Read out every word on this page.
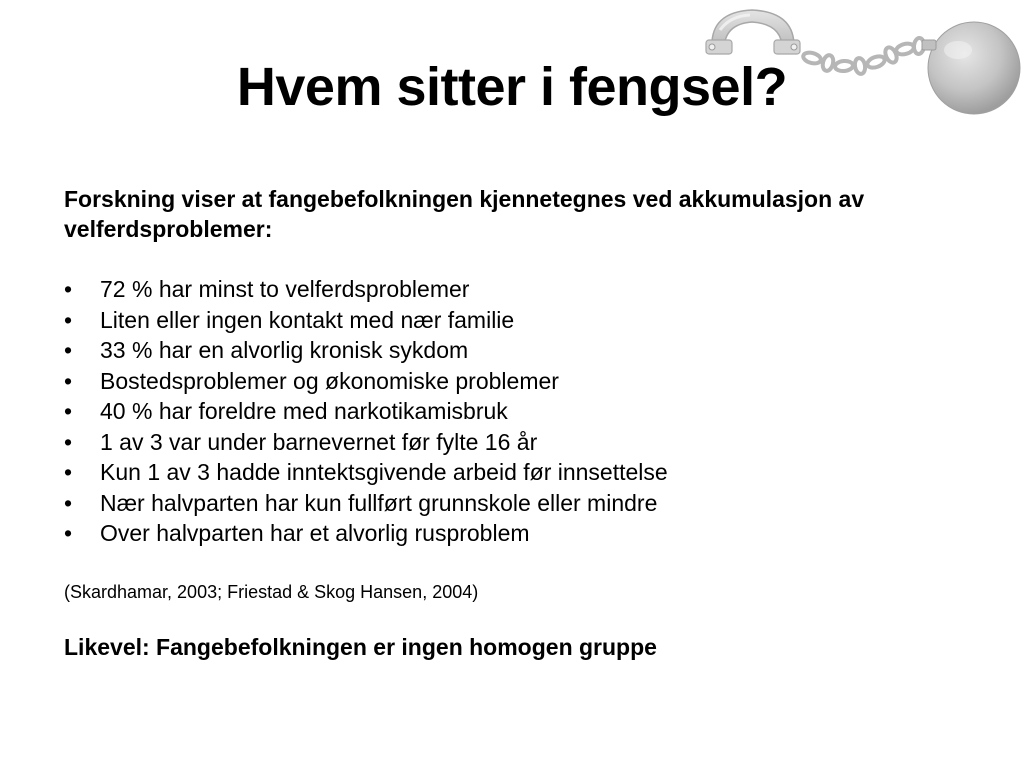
Hvem sitter i fengsel?
Forskning viser at fangebefolkningen kjennetegnes ved akkumulasjon av velferdsproblemer:
•	72 % har minst to velferdsproblemer
•	Liten eller ingen kontakt med nær familie
•	33 % har en alvorlig kronisk sykdom
•	Bostedsproblemer og økonomiske problemer
•	40 % har foreldre med narkotikamisbruk
•	1 av 3 var under barnevernet før fylte 16 år
•	Kun 1 av 3 hadde inntektsgivende arbeid før innsettelse
•	Nær halvparten har kun fullført grunnskole eller mindre
•	Over halvparten har et alvorlig rusproblem
(Skardhamar, 2003; Friestad & Skog Hansen, 2004)
Likevel: Fangebefolkningen er ingen homogen gruppe
